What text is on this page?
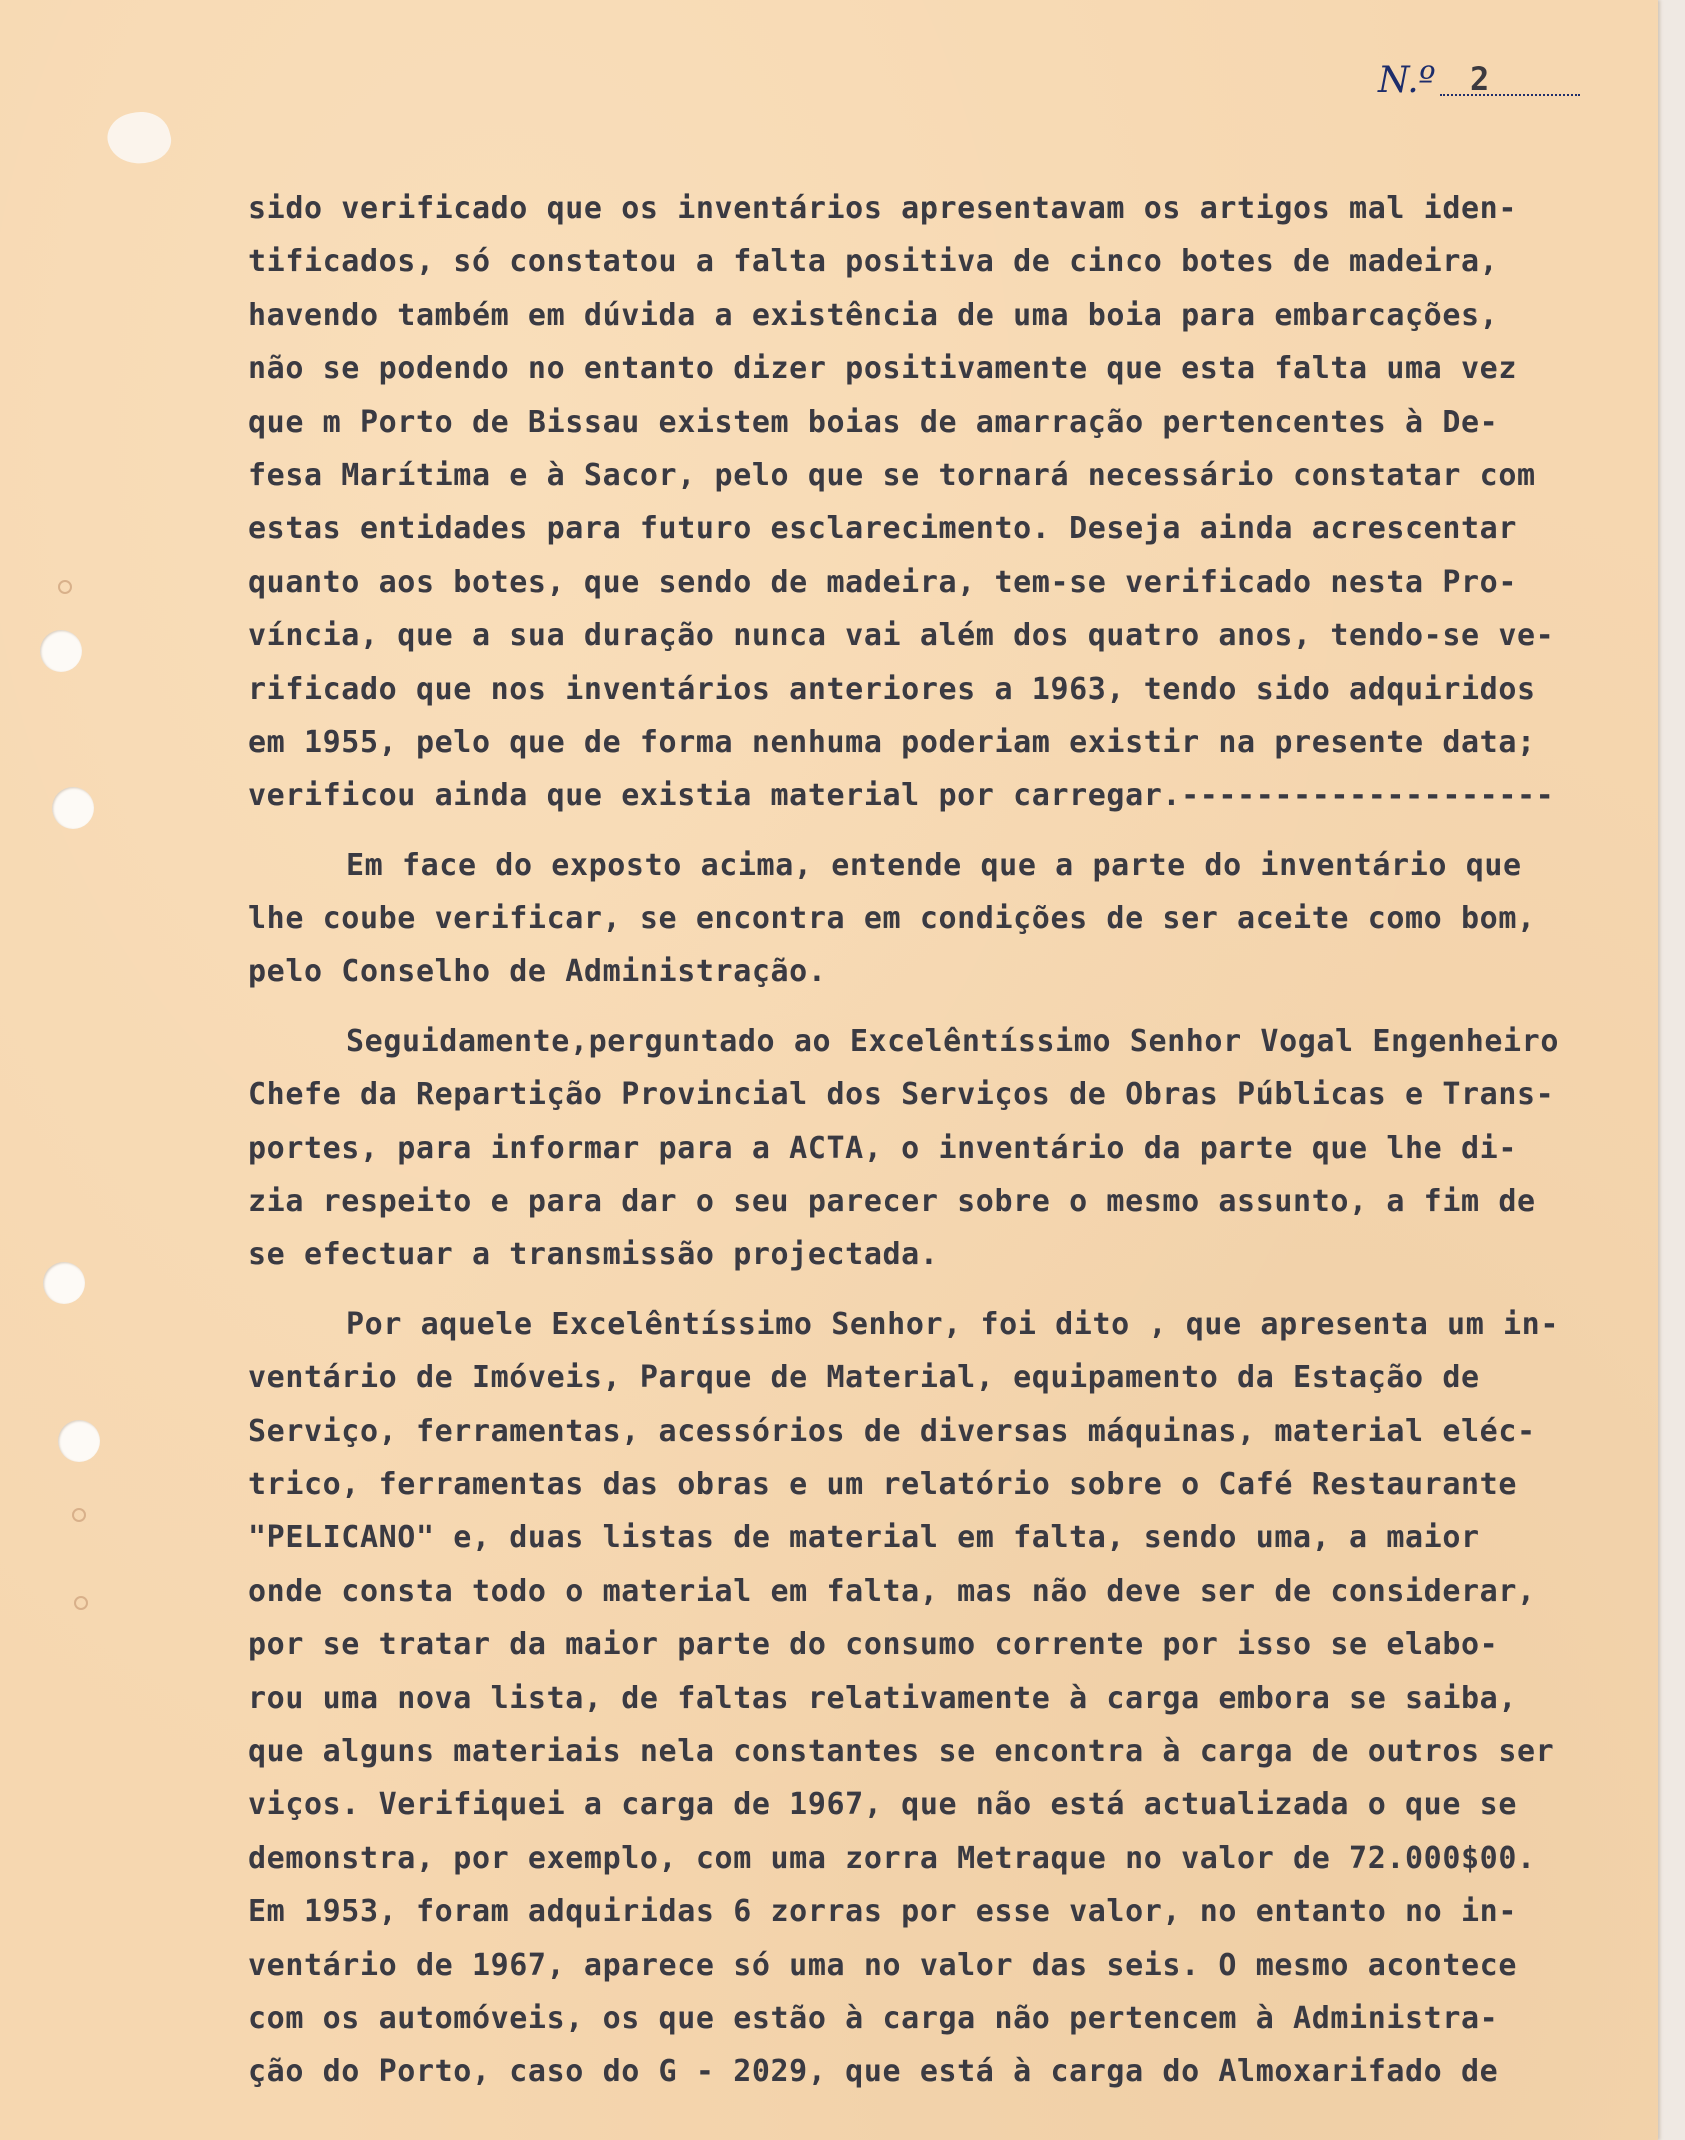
N.º 2
sido verificado que os inventários apresentavam os artigos mal iden-
tificados, só constatou a falta positiva de cinco botes de madeira,
havendo também em dúvida a existência de uma boia para embarcações,
não se podendo no entanto dizer positivamente que esta falta uma vez
que m Porto de Bissau existem boias de amarração pertencentes à De-
fesa Marítima e à Sacor, pelo que se tornará necessário constatar com
estas entidades para futuro esclarecimento. Deseja ainda acrescentar
quanto aos botes, que sendo de madeira, tem-se verificado nesta Pro-
víncia, que a sua duração nunca vai além dos quatro anos, tendo-se ve-
rificado que nos inventários anteriores a 1963, tendo sido adquiridos
em 1955, pelo que de forma nenhuma poderiam existir na presente data;
verificou ainda que existia material por carregar.--------------------
Em face do exposto acima, entende que a parte do inventário que
lhe coube verificar, se encontra em condições de ser aceite como bom,
pelo Conselho de Administração.
Seguidamente,perguntado ao Excelêntíssimo Senhor Vogal Engenheiro
Chefe da Repartição Provincial dos Serviços de Obras Públicas e Trans-
portes, para informar para a ACTA, o inventário da parte que lhe di-
zia respeito e para dar o seu parecer sobre o mesmo assunto, a fim de
se efectuar a transmissão projectada.
Por aquele Excelêntíssimo Senhor, foi dito , que apresenta um in-
ventário de Imóveis, Parque de Material, equipamento da Estação de
Serviço, ferramentas, acessórios de diversas máquinas, material eléc-
trico, ferramentas das obras e um relatório sobre o Café Restaurante
"PELICANO" e, duas listas de material em falta, sendo uma, a maior
onde consta todo o material em falta, mas não deve ser de considerar,
por se tratar da maior parte do consumo corrente por isso se elabo-
rou uma nova lista, de faltas relativamente à carga embora se saiba,
que alguns materiais nela constantes se encontra à carga de outros ser
viços. Verifiquei a carga de 1967, que não está actualizada o que se
demonstra, por exemplo, com uma zorra Metraque no valor de 72.000$00.
Em 1953, foram adquiridas 6 zorras por esse valor, no entanto no in-
ventário de 1967, aparece só uma no valor das seis. O mesmo acontece
com os automóveis, os que estão à carga não pertencem à Administra-
ção do Porto, caso do G - 2029, que está à carga do Almoxarifado de
